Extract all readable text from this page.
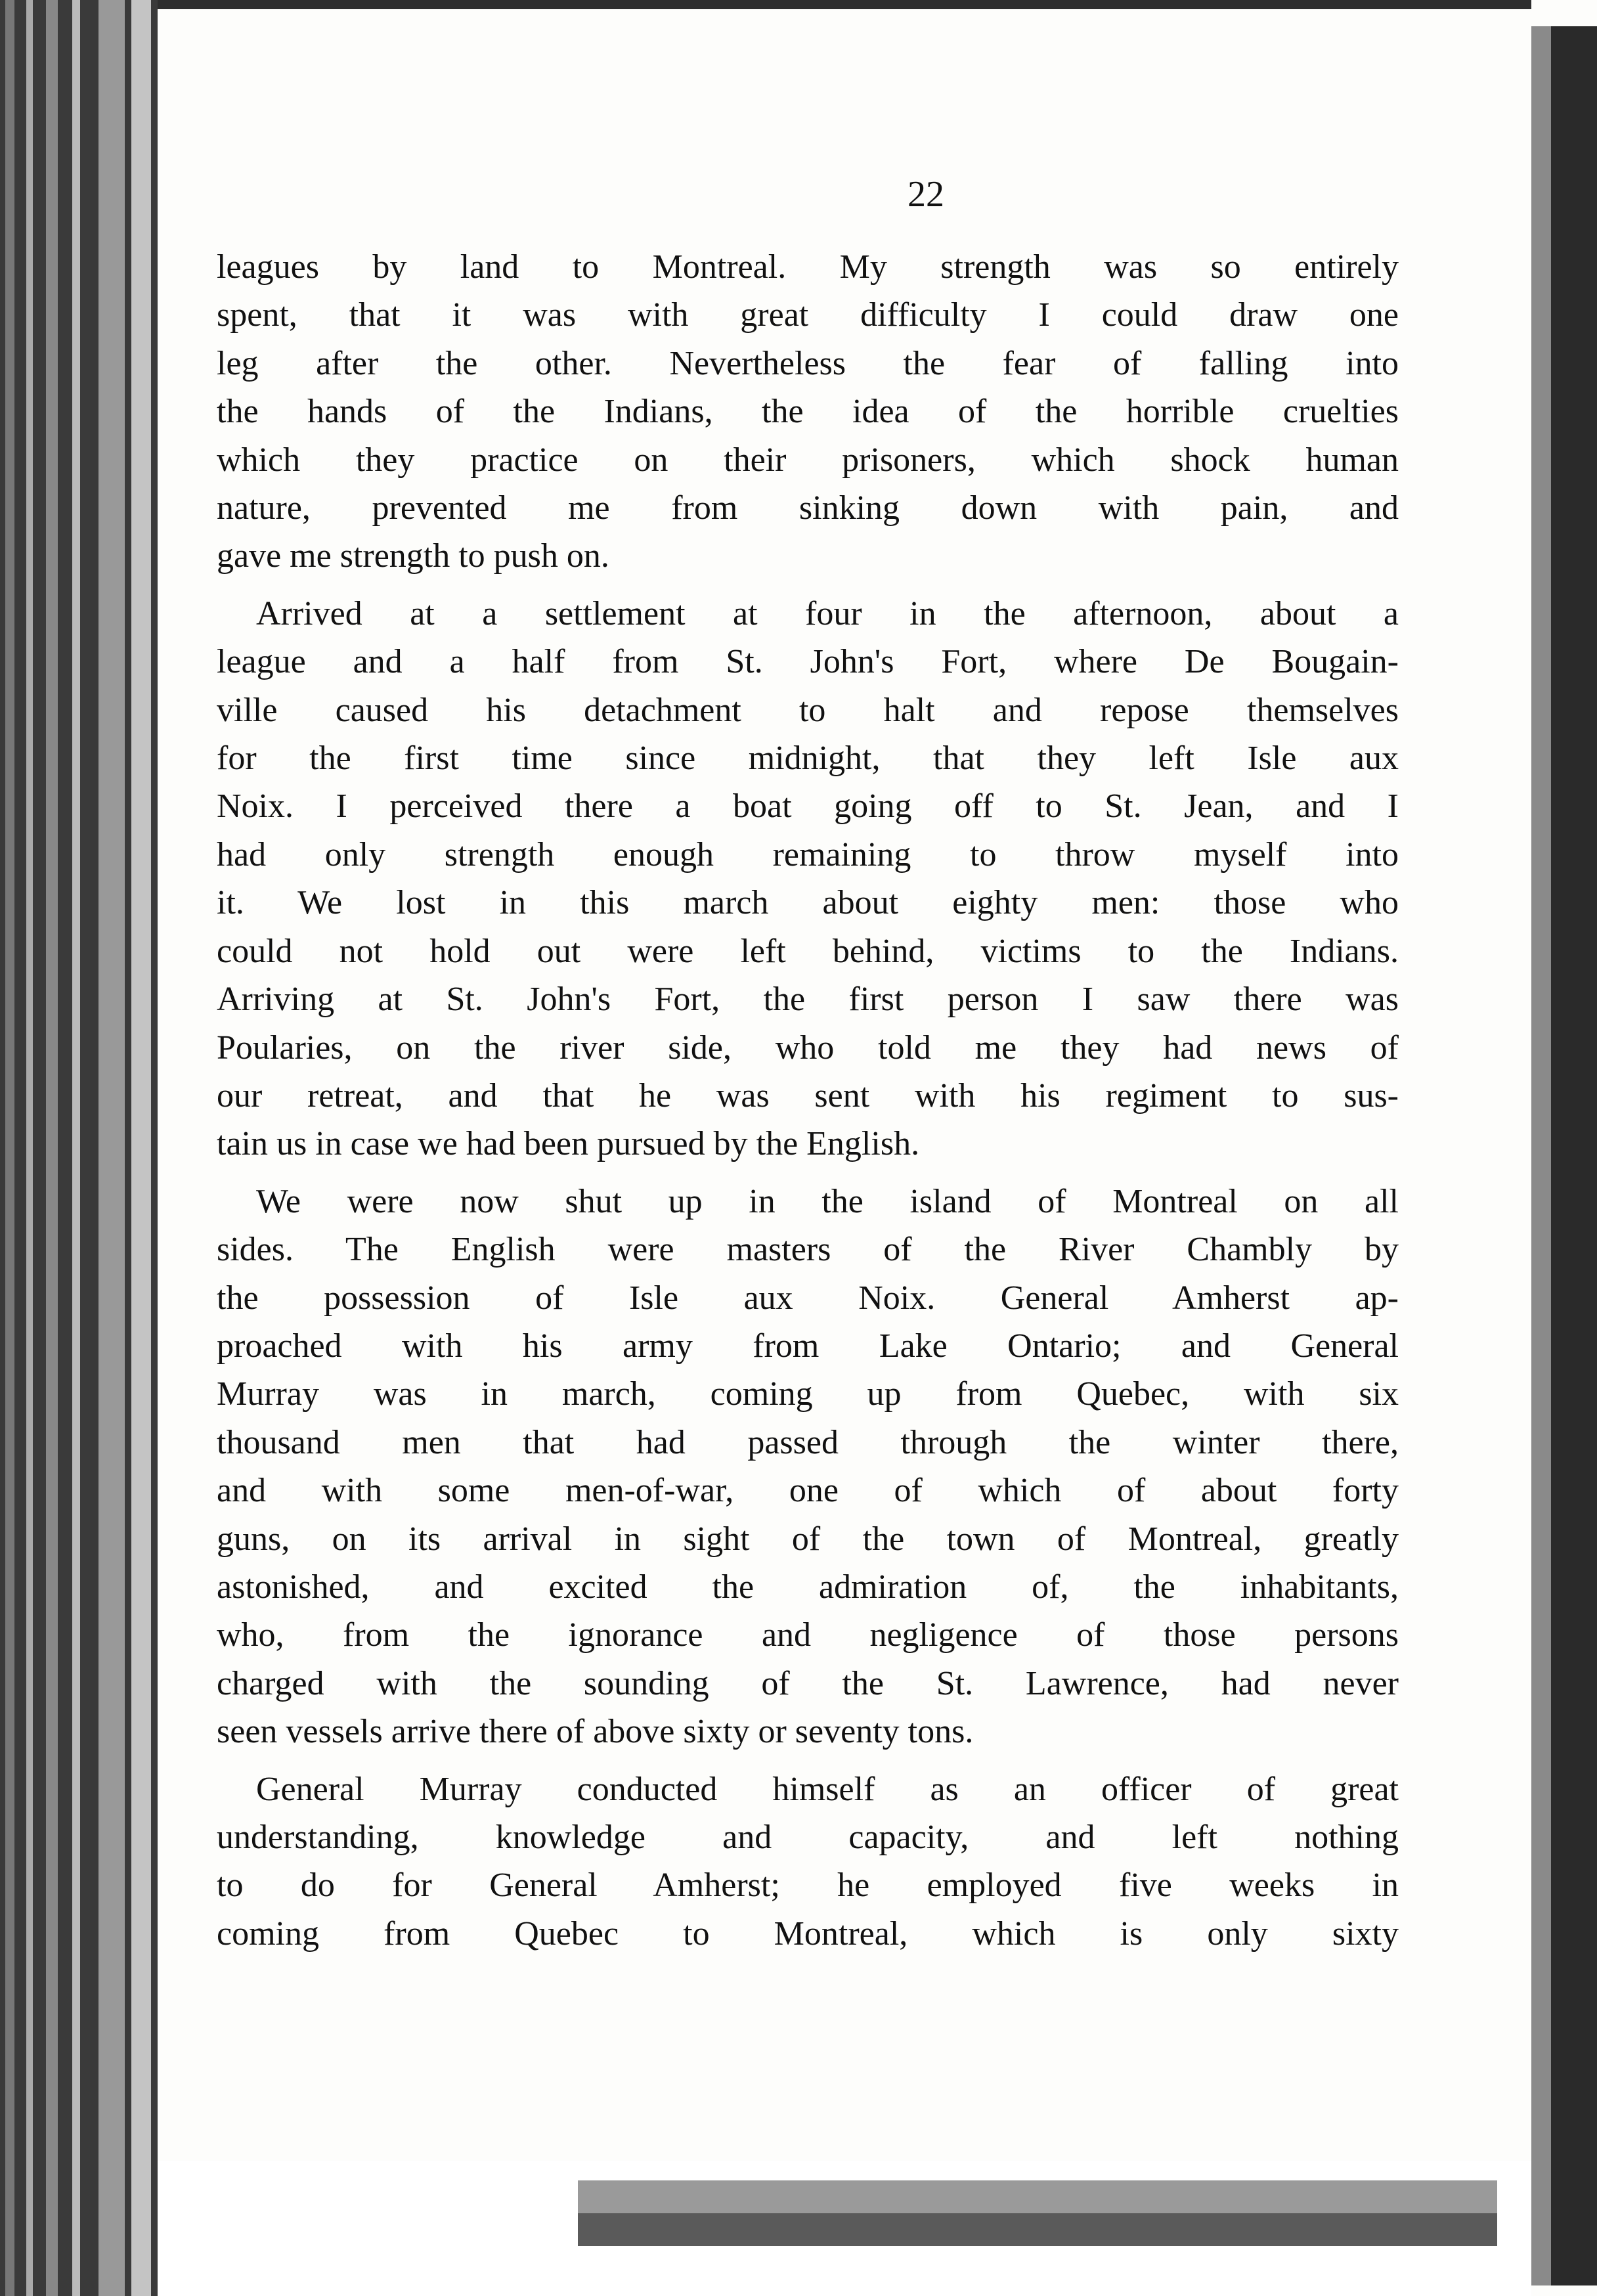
22
leagues by land to Montreal. My strength was so entirely
spent, that it was with great difficulty I could draw one
leg after the other. Nevertheless the fear of falling into
the hands of the Indians, the idea of the horrible cruelties
which they practice on their prisoners, which shock human
nature, prevented me from sinking down with pain, and
gave me strength to push on.
Arrived at a settlement at four in the afternoon, about a
league and a half from St. John's Fort, where De Bougain-
ville caused his detachment to halt and repose themselves
for the first time since midnight, that they left Isle aux
Noix. I perceived there a boat going off to St. Jean, and I
had only strength enough remaining to throw myself into
it. We lost in this march about eighty men: those who
could not hold out were left behind, victims to the Indians.
Arriving at St. John's Fort, the first person I saw there was
Poularies, on the river side, who told me they had news of
our retreat, and that he was sent with his regiment to sus-
tain us in case we had been pursued by the English.
We were now shut up in the island of Montreal on all
sides. The English were masters of the River Chambly by
the possession of Isle aux Noix. General Amherst ap-
proached with his army from Lake Ontario; and General
Murray was in march, coming up from Quebec, with six
thousand men that had passed through the winter there,
and with some men-of-war, one of which of about forty
guns, on its arrival in sight of the town of Montreal, greatly
astonished, and excited the admiration of, the inhabitants,
who, from the ignorance and negligence of those persons
charged with the sounding of the St. Lawrence, had never
seen vessels arrive there of above sixty or seventy tons.
General Murray conducted himself as an officer of great
understanding, knowledge and capacity, and left nothing
to do for General Amherst; he employed five weeks in
coming from Quebec to Montreal, which is only sixty
